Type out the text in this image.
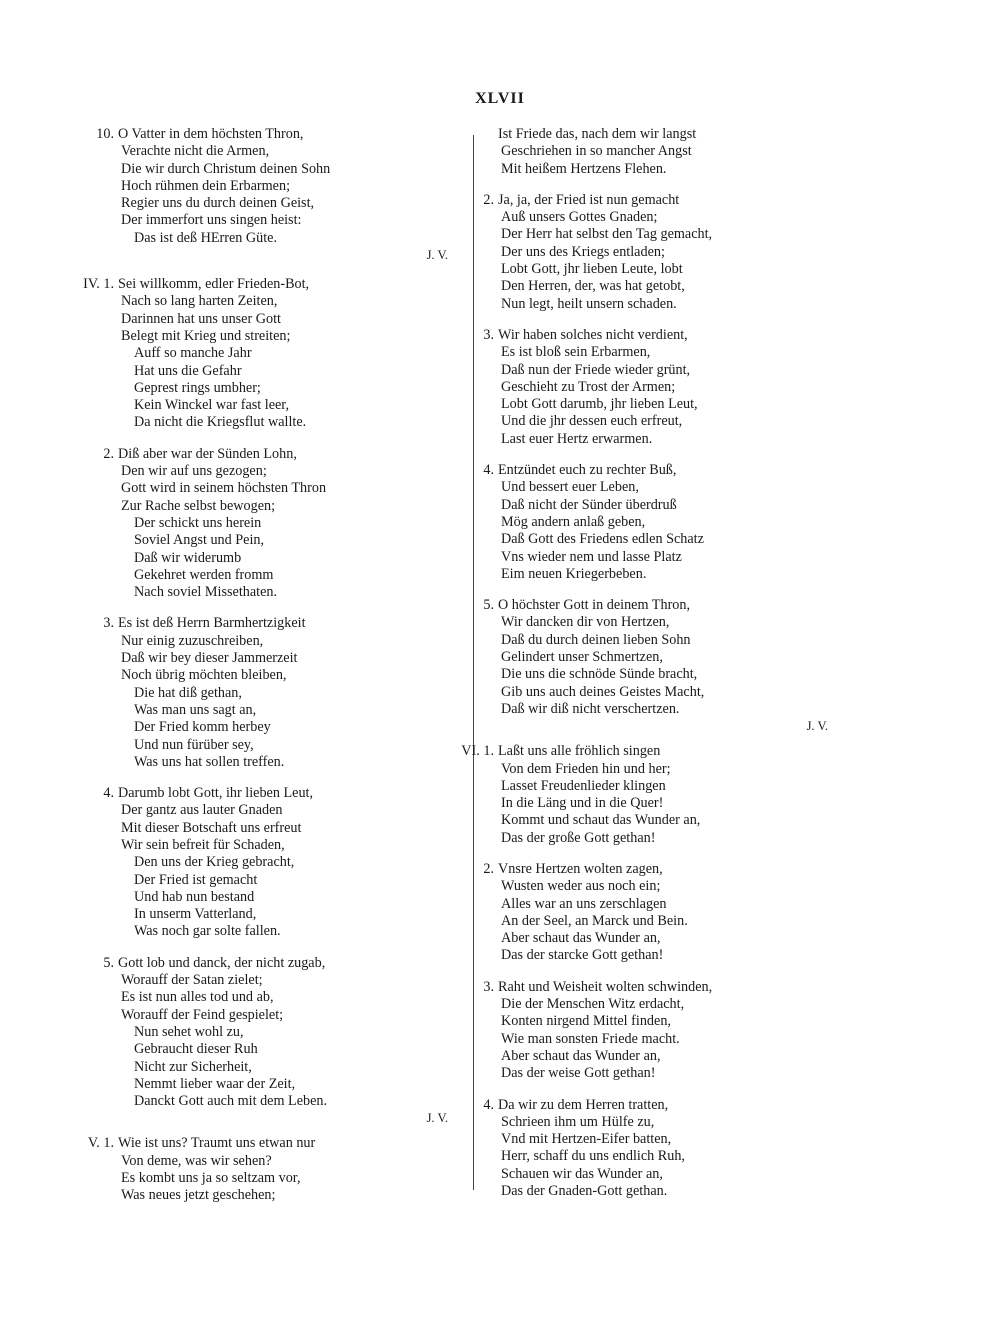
XLVII
10. O Vatter in dem höchsten Thron,
Verachte nicht die Armen,
Die wir durch Christum deinen Sohn
Hoch rühmen dein Erbarmen;
Regier uns du durch deinen Geist,
Der immerfort uns singen heist:
Das ist deß HErren Güte.
J. V.
IV. 1. Sei willkomm, edler Frieden-Bot,
Nach so lang harten Zeiten,
Darinnen hat uns unser Gott
Belegt mit Krieg und streiten;
Auff so manche Jahr
Hat uns die Gefahr
Geprest rings umbher;
Kein Winckel war fast leer,
Da nicht die Kriegsflut wallte.
2. Diß aber war der Sünden Lohn,
Den wir auf uns gezogen;
Gott wird in seinem höchsten Thron
Zur Rache selbst bewogen;
Der schickt uns herein
Soviel Angst und Pein,
Daß wir widerumb
Gekehret werden fromm
Nach soviel Missethaten.
3. Es ist deß Herrn Barmhertzigkeit
Nur einig zuzuschreiben,
Daß wir bey dieser Jammerzeit
Noch übrig möchten bleiben,
Die hat diß gethan,
Was man uns sagt an,
Der Fried komm herbey
Und nun fürüber sey,
Was uns hat sollen treffen.
4. Darumb lobt Gott, ihr lieben Leut,
Der gantz aus lauter Gnaden
Mit dieser Botschaft uns erfreut
Wir sein befreit für Schaden,
Den uns der Krieg gebracht,
Der Fried ist gemacht
Und hab nun bestand
In unserm Vatterland,
Was noch gar solte fallen.
5. Gott lob und danck, der nicht zugab,
Worauff der Satan zielet;
Es ist nun alles tod und ab,
Worauff der Feind gespielet;
Nun sehet wohl zu,
Gebraucht dieser Ruh
Nicht zur Sicherheit,
Nemmt lieber waar der Zeit,
Danckt Gott auch mit dem Leben.
J. V.
V. 1. Wie ist uns? Traumt uns etwan nur
Von deme, was wir sehen?
Es kombt uns ja so seltzam vor,
Was neues jetzt geschehen;
Ist Friede das, nach dem wir langst
Geschriehen in so mancher Angst
Mit heißem Hertzens Flehen.
2. Ja, ja, der Fried ist nun gemacht
Auß unsers Gottes Gnaden;
Der Herr hat selbst den Tag gemacht,
Der uns des Kriegs entladen;
Lobt Gott, jhr lieben Leute, lobt
Den Herren, der, was hat getobt,
Nun legt, heilt unsern schaden.
3. Wir haben solches nicht verdient,
Es ist bloß sein Erbarmen,
Daß nun der Friede wieder grünt,
Geschieht zu Trost der Armen;
Lobt Gott darumb, jhr lieben Leut,
Und die jhr dessen euch erfreut,
Last euer Hertz erwarmen.
4. Entzündet euch zu rechter Buß,
Und bessert euer Leben,
Daß nicht der Sünder überdruß
Mög andern anlaß geben,
Daß Gott des Friedens edlen Schatz
Vns wieder nem und lasse Platz
Eim neuen Kriegerbeben.
5. O höchster Gott in deinem Thron,
Wir dancken dir von Hertzen,
Daß du durch deinen lieben Sohn
Gelindert unser Schmertzen,
Die uns die schnöde Sünde bracht,
Gib uns auch deines Geistes Macht,
Daß wir diß nicht verschertzen.
J. V.
VI. 1. Laßt uns alle fröhlich singen
Von dem Frieden hin und her;
Lasset Freudenlieder klingen
In die Läng und in die Quer!
Kommt und schaut das Wunder an,
Das der große Gott gethan!
2. Vnsre Hertzen wolten zagen,
Wusten weder aus noch ein;
Alles war an uns zerschlagen
An der Seel, an Marck und Bein.
Aber schaut das Wunder an,
Das der starcke Gott gethan!
3. Raht und Weisheit wolten schwinden,
Die der Menschen Witz erdacht,
Konten nirgend Mittel finden,
Wie man sonsten Friede macht.
Aber schaut das Wunder an,
Das der weise Gott gethan!
4. Da wir zu dem Herren tratten,
Schrieen ihm um Hülfe zu,
Vnd mit Hertzen-Eifer batten,
Herr, schaff du uns endlich Ruh,
Schauen wir das Wunder an,
Das der Gnaden-Gott gethan.
